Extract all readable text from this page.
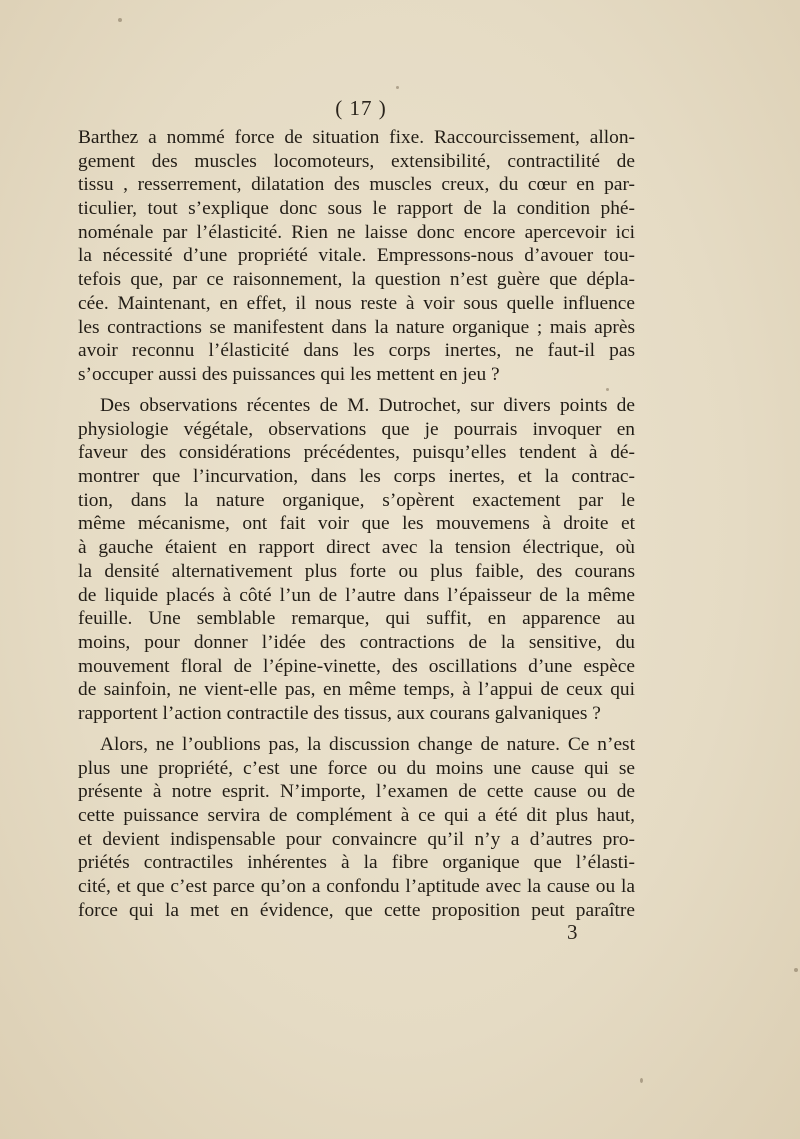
( 17 )
Barthez a nommé force de situation fixe. Raccourcissement, allon-
gement des muscles locomoteurs, extensibilité, contractilité de
tissu , resserrement, dilatation des muscles creux, du cœur en par-
ticulier, tout s’explique donc sous le rapport de la condition phé-
noménale par l’élasticité. Rien ne laisse donc encore apercevoir ici
la nécessité d’une propriété vitale. Empressons-nous d’avouer tou-
tefois que, par ce raisonnement, la question n’est guère que dépla-
cée. Maintenant, en effet, il nous reste à voir sous quelle influence
les contractions se manifestent dans la nature organique ; mais après
avoir reconnu l’élasticité dans les corps inertes, ne faut-il pas
s’occuper aussi des puissances qui les mettent en jeu ?
Des observations récentes de M. Dutrochet, sur divers points de
physiologie végétale, observations que je pourrais invoquer en
faveur des considérations précédentes, puisqu’elles tendent à dé-
montrer que l’incurvation, dans les corps inertes, et la contrac-
tion, dans la nature organique, s’opèrent exactement par le
même mécanisme, ont fait voir que les mouvemens à droite et
à gauche étaient en rapport direct avec la tension électrique, où
la densité alternativement plus forte ou plus faible, des courans
de liquide placés à côté l’un de l’autre dans l’épaisseur de la même
feuille. Une semblable remarque, qui suffit, en apparence au
moins, pour donner l’idée des contractions de la sensitive, du
mouvement floral de l’épine-vinette, des oscillations d’une espèce
de sainfoin, ne vient-elle pas, en même temps, à l’appui de ceux qui
rapportent l’action contractile des tissus, aux courans galvaniques ?
Alors, ne l’oublions pas, la discussion change de nature. Ce n’est
plus une propriété, c’est une force ou du moins une cause qui se
présente à notre esprit. N’importe, l’examen de cette cause ou de
cette puissance servira de complément à ce qui a été dit plus haut,
et devient indispensable pour convaincre qu’il n’y a d’autres pro-
priétés contractiles inhérentes à la fibre organique que l’élasti-
cité, et que c’est parce qu’on a confondu l’aptitude avec la cause ou la
force qui la met en évidence, que cette proposition peut paraître
3
